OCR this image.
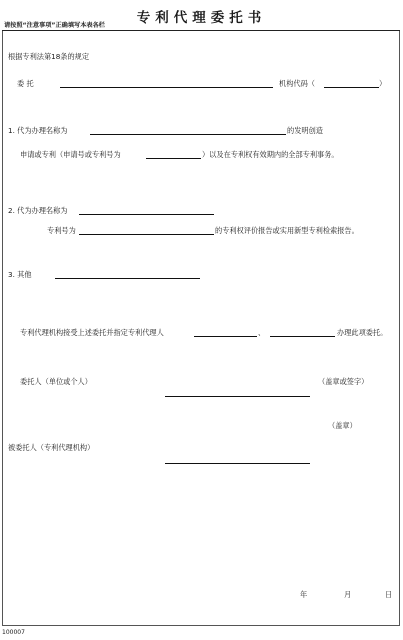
专利代理委托书
请按照“注意事项”正确填写本表各栏
根据专利法第18条的规定
委 托	机构代码（	）
1. 代为办理名称为	的发明创造
申请或专利（申请号或专利号为	）以及在专利权有效期内的全部专利事务。
2. 代为办理名称为
专利号为	的专利权评价报告或实用新型专利检索报告。
3. 其他
专利代理机构接受上述委托并指定专利代理人	、	办理此项委托。
委托人（单位或个人）	（盖章或签字）
（盖章）
被委托人（专利代理机构）
年	月	日
100007
